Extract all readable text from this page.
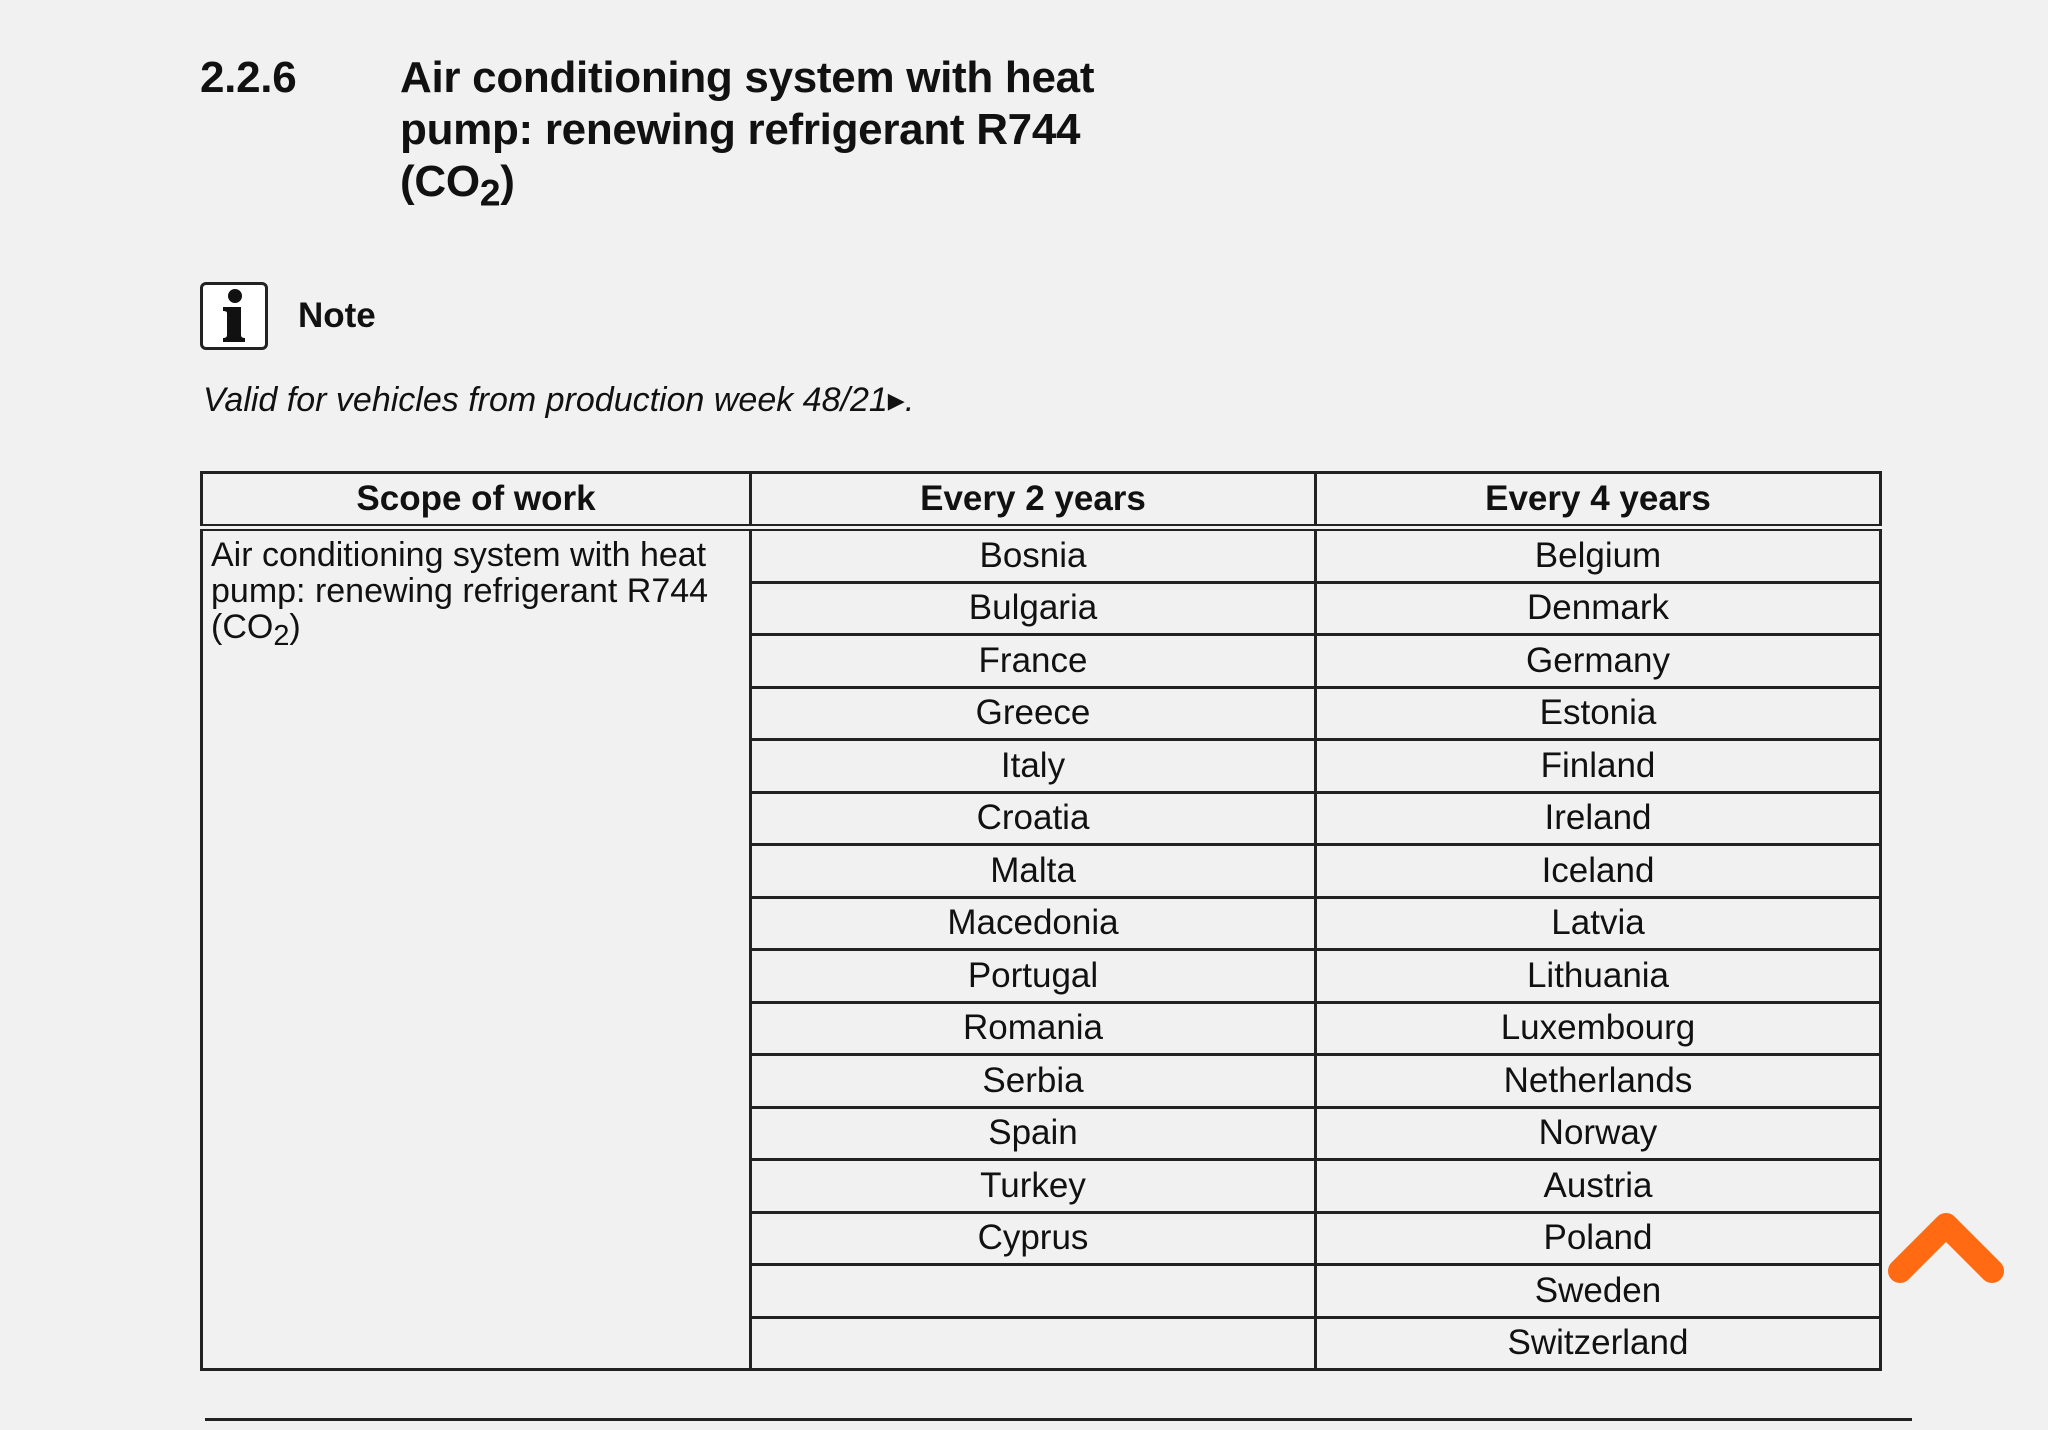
2.2.6	Air conditioning system with heat pump: renewing refrigerant R744 $(CO_2)$
Note
Valid for vehicles from production week 48/21▸.
Scope of work	Every 2 years	Every 4 years
Air conditioning system with heat pump: renewing refrigerant R744 $(CO_2)$	Bosnia	Belgium
	Bulgaria	Denmark
	France	Germany
	Greece	Estonia
	Italy	Finland
	Croatia	Ireland
	Malta	Iceland
	Macedonia	Latvia
	Portugal	Lithuania
	Romania	Luxembourg
	Serbia	Netherlands
	Spain	Norway
	Turkey	Austria
	Cyprus	Poland
		Sweden
		Switzerland
